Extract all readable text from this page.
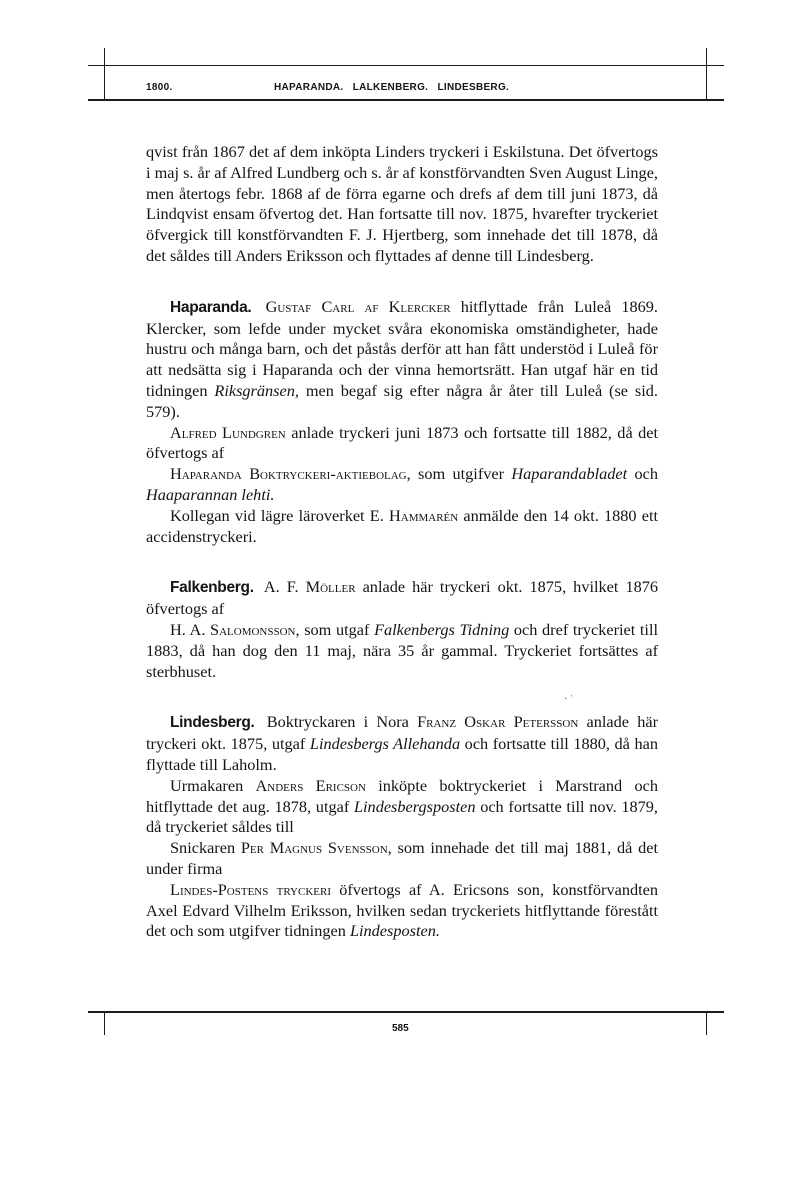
1800.	HAPARANDA.   LALKENBERG.   LINDESBERG.
·

qvist från 1867 det af dem inköpta Linders tryckeri i Eskilstuna. Det öfvertogs i maj s. år af Alfred Lundberg och s. år af konstförvandten Sven August Linge, men återtogs febr. 1868 af de förra egarne och drefs af dem till juni 1873, då Lindqvist ensam öfvertog det. Han fortsatte till nov. 1875, hvarefter tryckeriet öfvergick till konstförvandten F. J. Hjertberg, som innehade det till 1878, då det såldes till Anders Eriksson och flyttades af denne till Lindesberg.

Haparanda. Gustaf Carl af Klercker hitflyttade från Luleå 1869. Klercker, som lefde under mycket svåra ekonomiska omständigheter, hade hustru och många barn, och det påstås derför att han fått understöd i Luleå för att nedsätta sig i Haparanda och der vinna hemortsrätt. Han utgaf här en tid tidningen Riksgränsen, men begaf sig efter några år åter till Luleå (se sid. 579).

Alfred Lundgren anlade tryckeri juni 1873 och fortsatte till 1882, då det öfvertogs af

Haparanda Boktryckeri-aktiebolag, som utgifver Haparandabladet och Haaparannan lehti.

Kollegan vid lägre läroverket E. Hammarén anmälde den 14 okt. 1880 ett accidenstryckeri.

Falkenberg. A. F. Möller anlade här tryckeri okt. 1875, hvilket 1876 öfvertogs af

H. A. Salomonsson, som utgaf Falkenbergs Tidning och dref tryckeriet till 1883, då han dog den 11 maj, nära 35 år gammal. Tryckeriet fortsättes af sterbhuset.

Lindesberg. Boktryckaren i Nora Franz Oskar Petersson anlade här tryckeri okt. 1875, utgaf Lindesbergs Allehanda och fortsatte till 1880, då han flyttade till Laholm.

Urmakaren Anders Ericson inköpte boktryckeriet i Marstrand och hitflyttade det aug. 1878, utgaf Lindesbergsposten och fortsatte till nov. 1879, då tryckeriet såldes till

Snickaren Per Magnus Svensson, som innehade det till maj 1881, då det under firma

Lindes-Postens tryckeri öfvertogs af A. Ericsons son, konstförvandten Axel Edvard Vilhelm Eriksson, hvilken sedan tryckeriets hitflyttande förestått det och som utgifver tidningen Lindesposten.

· ˈ
585
